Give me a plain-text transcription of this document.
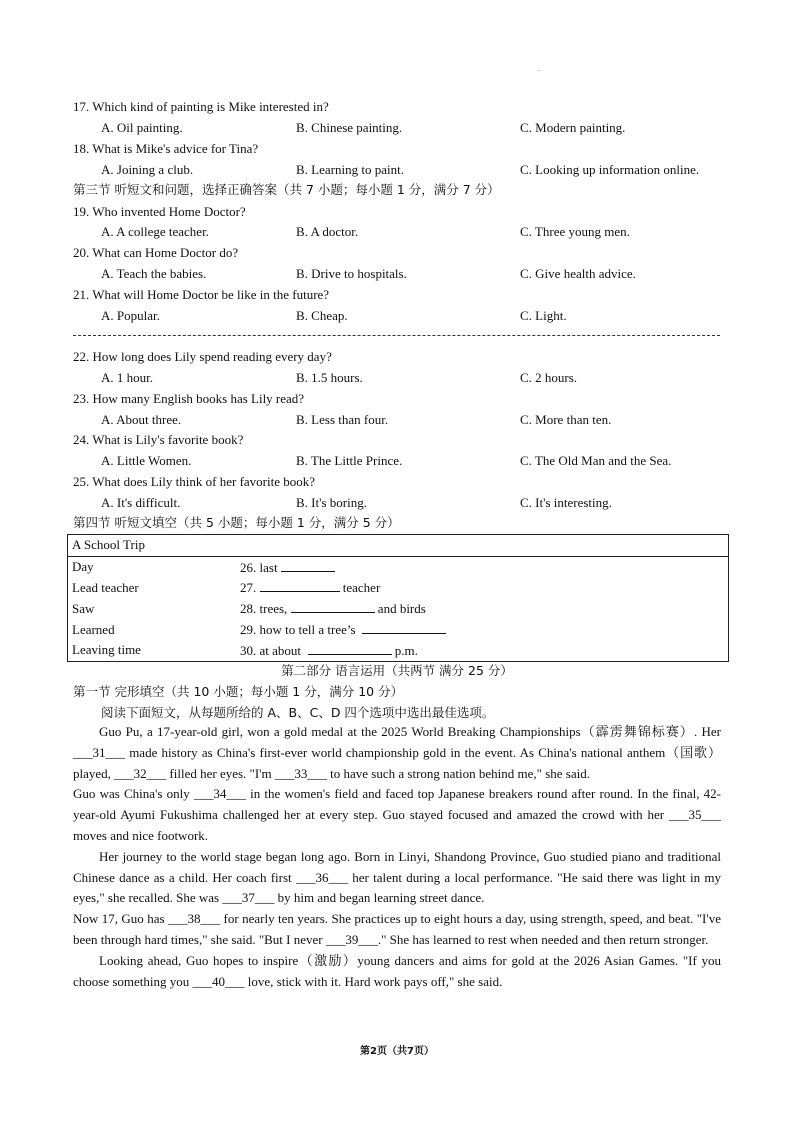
.
17. Which kind of painting is Mike interested in?
A. Oil painting.	B. Chinese painting.	C. Modern painting.
18. What is Mike's advice for Tina?
A. Joining a club.	B. Learning to paint.	C. Looking up information online.
第三节 听短文和问题，选择正确答案（共 7 小题；每小题 1 分，满分 7 分）
19. Who invented Home Doctor?
A. A college teacher.	B. A doctor.	C. Three young men.
20. What can Home Doctor do?
A. Teach the babies.	B. Drive to hospitals.	C. Give health advice.
21. What will Home Doctor be like in the future?
A. Popular.	B. Cheap.	C. Light.
22. How long does Lily spend reading every day?
A. 1 hour.	B. 1.5 hours.	C. 2 hours.
23. How many English books has Lily read?
A. About three.	B. Less than four.	C. More than ten.
24. What is Lily's favorite book?
A. Little Women.	B. The Little Prince.	C. The Old Man and the Sea.
25. What does Lily think of her favorite book?
A. It's difficult.	B. It's boring.	C. It's interesting.
第四节 听短文填空（共 5 小题；每小题 1 分，满分 5 分）
A School Trip	
Day	26. last
Lead teacher	27. teacher
Saw	28. trees, and birds
Learned	29. how to tell a tree’s
Leaving time	30. at about p.m.
第二部分 语言运用（共两节 满分 25 分）
第一节 完形填空（共 10 小题；每小题 1 分，满分 10 分）
阅读下面短文，从每题所给的 A、B、C、D 四个选项中选出最佳选项。

Guo Pu, a 17-year-old girl, won a gold medal at the 2025 World Breaking Championships（霹雳舞锦标赛）. Her ___31___ made history as China's first-ever world championship gold in the event. As China's national anthem（国歌）played, ___32___ filled her eyes. "I'm ___33___ to have such a strong nation behind me," she said.

Guo was China's only ___34___ in the women's field and faced top Japanese breakers round after round. In the final, 42-year-old Ayumi Fukushima challenged her at every step. Guo stayed focused and amazed the crowd with her ___35___ moves and nice footwork.

Her journey to the world stage began long ago. Born in Linyi, Shandong Province, Guo studied piano and traditional Chinese dance as a child. Her coach first ___36___ her talent during a local performance. "He said there was light in my eyes," she recalled. She was ___37___ by him and began learning street dance.

Now 17, Guo has ___38___ for nearly ten years. She practices up to eight hours a day, using strength, speed, and beat. "I've been through hard times," she said. "But I never ___39___." She has learned to rest when needed and then return stronger.

Looking ahead, Guo hopes to inspire（激励）young dancers and aims for gold at the 2026 Asian Games. "If you choose something you ___40___ love, stick with it. Hard work pays off," she said.

第2页（共7页）
